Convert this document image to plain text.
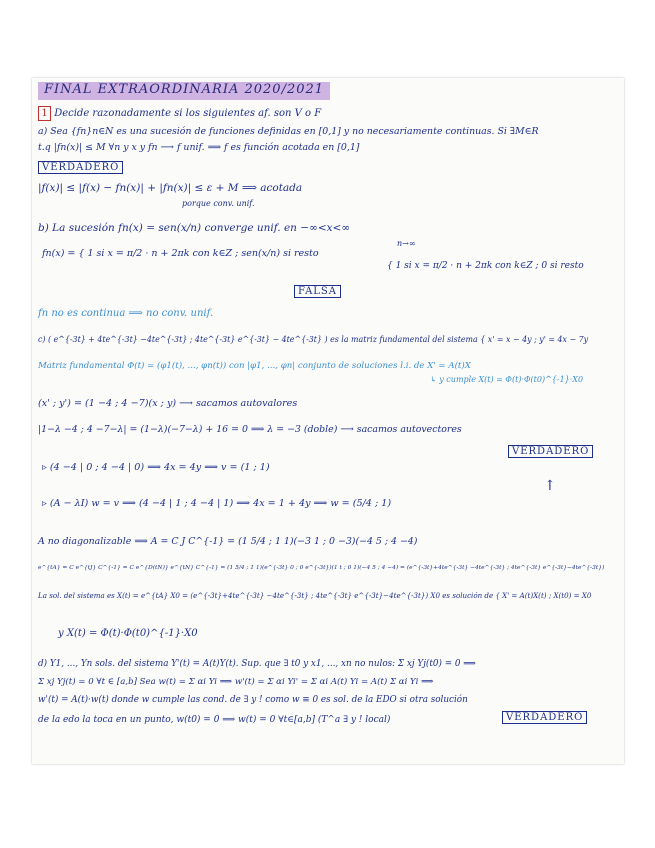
FINAL EXTRAORDINARIA 2020/2021
1 Decide razonadamente si los siguientes af. son V o F
a) Sea {fn}n∈N es una sucesión de funciones definidas en [0,1] y no necesariamente continuas. Si ∃M∈R
t.q |fn(x)| ≤ M ∀n y x y fn ⟶ f unif. ⟹ f es función acotada en [0,1]
VERDADERO
|f(x)| ≤ |f(x) − fn(x)| + |fn(x)| ≤ ε + M ⟹ acotada
porque conv. unif.
b) La sucesión fn(x) = sen(x/n) converge unif. en −∞<x<∞
fn(x) = { 1 si x = π/2 · n + 2πk con k∈Z ; sen(x/n) si resto
n→∞
{ 1 si x = π/2 · n + 2πk con k∈Z ; 0 si resto
FALSA
fn no es continua ⟹ no conv. unif.
c) ( e^{-3t} + 4te^{-3t} −4te^{-3t} ; 4te^{-3t} e^{-3t} − 4te^{-3t} ) es la matriz fundamental del sistema { x' = x − 4y ; y' = 4x − 7y
Matriz fundamental Φ(t) = (φ1(t), ..., φn(t)) con |φ1, ..., φn| conjunto de soluciones l.i. de X' = A(t)X
↳ y cumple X(t) = Φ(t)·Φ(t0)^{-1}·X0
(x' ; y') = (1 −4 ; 4 −7)(x ; y) ⟶ sacamos autovalores
|1−λ −4 ; 4 −7−λ| = (1−λ)(−7−λ) + 16 = 0 ⟹ λ = −3 (doble) ⟶ sacamos autovectores
VERDADERO
▹ (4 −4 | 0 ; 4 −4 | 0) ⟹ 4x = 4y ⟹ v = (1 ; 1)
↑
▹ (A − λI) w = v ⟹ (4 −4 | 1 ; 4 −4 | 1) ⟹ 4x = 1 + 4y ⟹ w = (5/4 ; 1)
A no diagonalizable ⟹ A = C J C^{-1} = (1 5/4 ; 1 1)(−3 1 ; 0 −3)(−4 5 ; 4 −4)
e^{tA} = C e^{tJ} C^{-1} = C e^{D(tN)} e^{tN} C^{-1} = (1 5/4 ; 1 1)(e^{-3t} 0 ; 0 e^{-3t})(1 t ; 0 1)(−4 5 ; 4 −4) = (e^{-3t}+4te^{-3t} −4te^{-3t} ; 4te^{-3t} e^{-3t}−4te^{-3t})
La sol. del sistema es X(t) = e^{tA} X0 = (e^{-3t}+4te^{-3t} −4te^{-3t} ; 4te^{-3t} e^{-3t}−4te^{-3t}) X0 es solución de { X' = A(t)X(t) ; X(t0) = X0
y X(t) = Φ(t)·Φ(t0)^{-1}·X0
d) Y1, ..., Yn sols. del sistema Y'(t) = A(t)Y(t). Sup. que ∃ t0 y x1, ..., xn no nulos: Σ xj Yj(t0) = 0 ⟹
Σ xj Yj(t) = 0 ∀t ∈ [a,b] Sea w(t) = Σ αi Yi ⟹ w'(t) = Σ αi Yi' = Σ αi A(t) Yi = A(t) Σ αi Yi ⟹
w'(t) = A(t)·w(t) donde w cumple las cond. de ∃ y ! como w ≡ 0 es sol. de la EDO si otra solución
de la edo la toca en un punto, w(t0) = 0 ⟹ w(t) = 0 ∀t∈[a,b] (T^a ∃ y ! local)	VERDADERO
